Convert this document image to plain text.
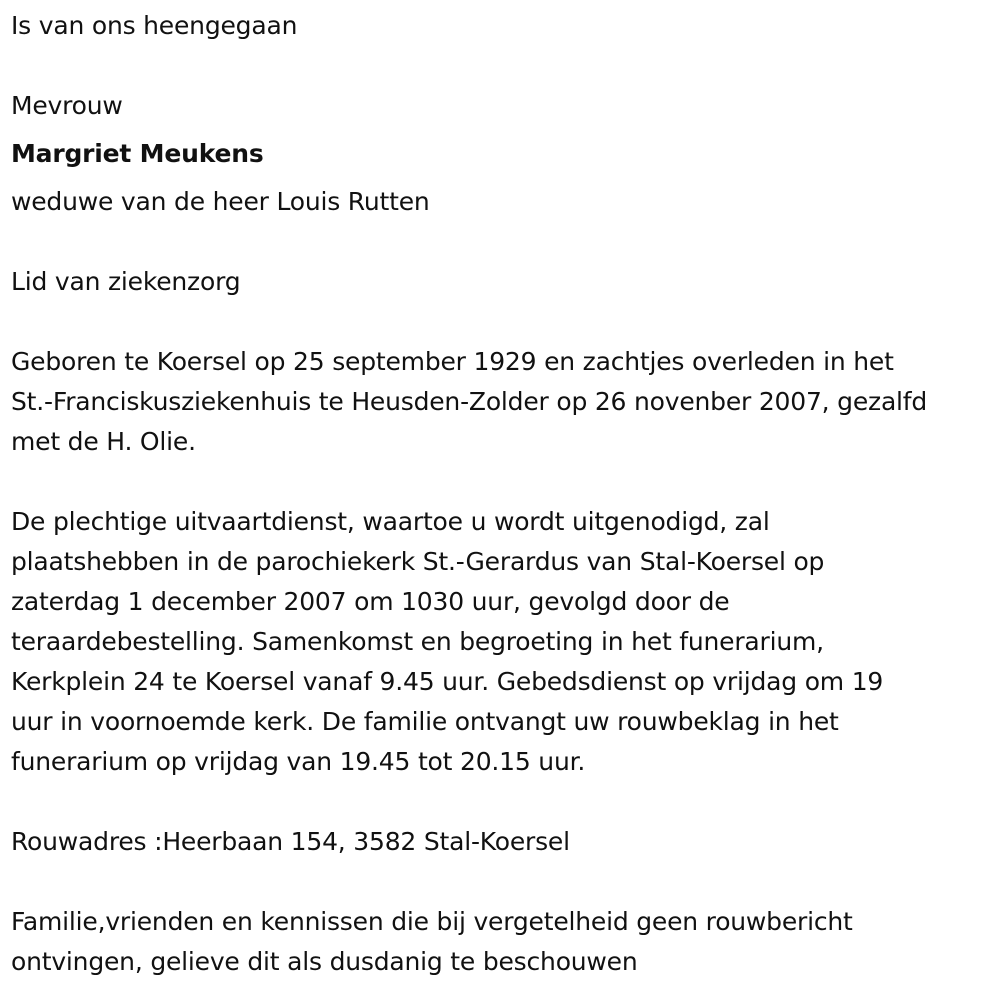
Is van ons heengegaan
Mevrouw
Margriet Meukens
weduwe van de heer Louis Rutten
Lid van ziekenzorg
Geboren te Koersel op 25 september 1929 en zachtjes overleden in het
St.-Franciskusziekenhuis te Heusden-Zolder op 26 novenber 2007, gezalfd
met de H. Olie.
De plechtige uitvaartdienst, waartoe u wordt uitgenodigd, zal
plaatshebben in de parochiekerk St.-Gerardus van Stal-Koersel op
zaterdag 1 december 2007 om 1030 uur, gevolgd door de
teraardebestelling. Samenkomst en begroeting in het funerarium,
Kerkplein 24 te Koersel vanaf 9.45 uur. Gebedsdienst op vrijdag om 19
uur in voornoemde kerk. De familie ontvangt uw rouwbeklag in het
funerarium op vrijdag van 19.45 tot 20.15 uur.
Rouwadres :Heerbaan 154, 3582 Stal-Koersel
Familie,vrienden en kennissen die bij vergetelheid geen rouwbericht
ontvingen, gelieve dit als dusdanig te beschouwen
